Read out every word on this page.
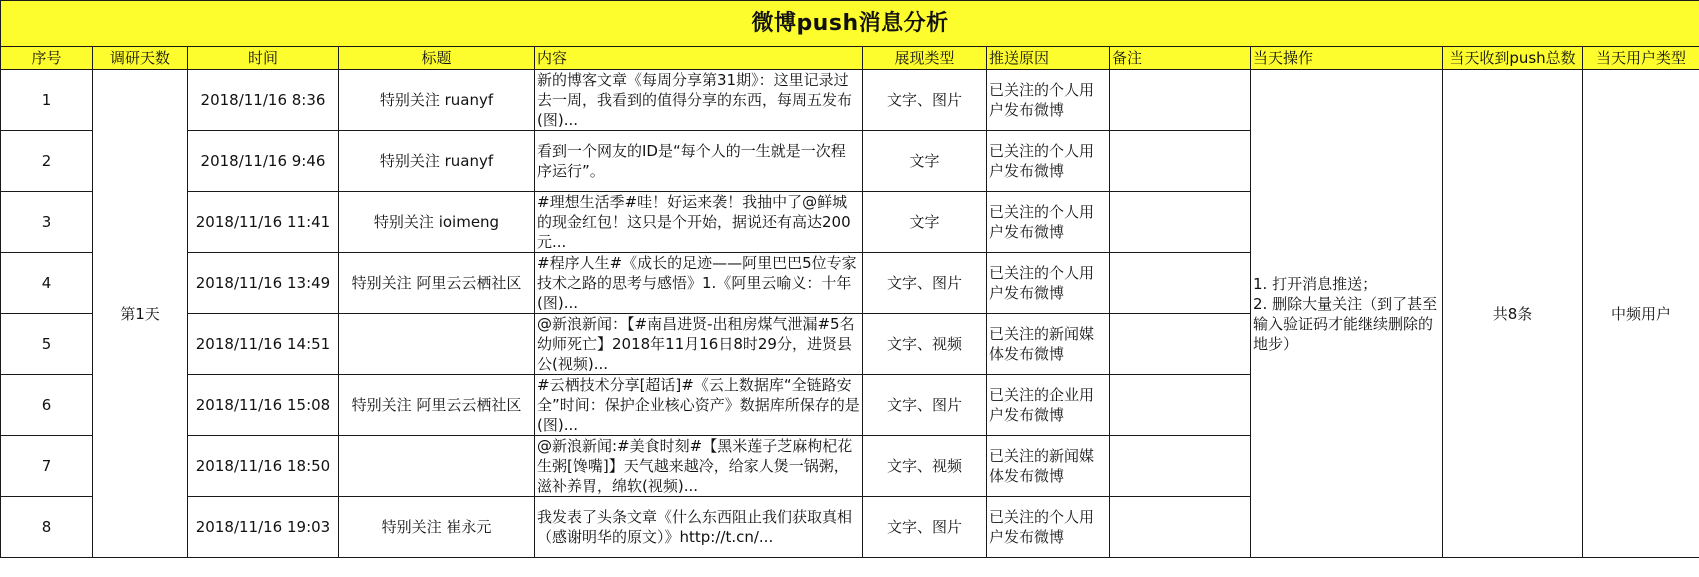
微博push消息分析										
序号	调研天数	时间	标题	内容	展现类型	推送原因	备注	当天操作	当天收到push总数	当天用户类型
1	第1天	2018/11/16 8:36	特别关注 ruanyf	新的博客文章《每周分享第31期》：这里记录过去一周，我看到的值得分享的东西，每周五发布(图)...	文字、图片	已关注的个人用户发布微博		1. 打开消息推送；
2. 删除大量关注（到了甚至输入验证码才能继续删除的地步）	共8条	中频用户
2		2018/11/16 9:46	特别关注 ruanyf	看到一个网友的ID是“每个人的一生就是一次程序运行”。	文字	已关注的个人用户发布微博				
3		2018/11/16 11:41	特别关注 ioimeng	#理想生活季#哇！好运来袭！我抽中了@鲜城的现金红包！这只是个开始，据说还有高达200元...	文字	已关注的个人用户发布微博				
4		2018/11/16 13:49	特别关注 阿里云云栖社区	#程序人生#《成长的足迹——阿里巴巴5位专家技术之路的思考与感悟》1.《阿里云喻义：十年(图)...	文字、图片	已关注的个人用户发布微博				
5		2018/11/16 14:51		@新浪新闻：【#南昌进贤-出租房煤气泄漏#5名幼师死亡】2018年11月16日8时29分，进贤县公(视频)...	文字、视频	已关注的新闻媒体发布微博				
6		2018/11/16 15:08	特别关注 阿里云云栖社区	#云栖技术分享[超话]#《云上数据库“全链路安全”时间：保护企业核心资产》数据库所保存的是(图)...	文字、图片	已关注的企业用户发布微博				
7		2018/11/16 18:50		@新浪新闻:#美食时刻#【黑米莲子芝麻枸杞花生粥[馋嘴]】天气越来越冷，给家人煲一锅粥，滋补养胃，绵软(视频)...	文字、视频	已关注的新闻媒体发布微博				
8		2018/11/16 19:03	特别关注 崔永元	我发表了头条文章《什么东西阻止我们获取真相（感谢明华的原文）》http://t.cn/...	文字、图片	已关注的个人用户发布微博				
